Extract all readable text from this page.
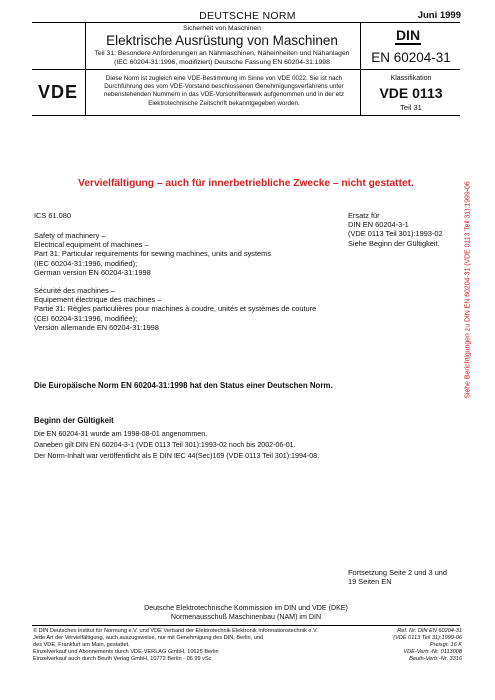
DEUTSCHE NORM	Juni 1999
Sicherheit von Maschinen
Elektrische Ausrüstung von Maschinen
Teil 31: Besondere Anforderungen an Nähmaschinen, Näheinheiten und Nähanlagen
(IEC 60204-31:1996, modifiziert) Deutsche Fassung EN 60204-31:1998
DIN
EN 60204-31
VDE
Diese Norm ist zugleich eine VDE-Bestimmung im Sinne von VDE 0022. Sie ist nach
Durchführung des vom VDE-Vorstand beschlossenen Genehmigungsverfahrens unter
nebenstehenden Nummern in das VDE-Vorschriftenwerk aufgenommen und in der etz
Elektrotechnische Zeitschrift bekanntgegeben worden.
Klassifikation
VDE 0113
Teil 31
Vervielfältigung – auch für innerbetriebliche Zwecke – nicht gestattet.
ICS 61.080	Ersatz für
DIN EN 60204-3-1
(VDE 0113 Teil 301):1993-02
Siehe Beginn der Gültigkeit.
Safety of machinery –
Electrical equipment of machines –
Part 31: Particular requirements for sewing machines, units and systems
(IEC 60204-31:1996, modified);
German version EN 60204-31:1998
Sécurité des machines –
Equipement électrique des machines –
Partie 31: Règles particulières pour machines à coudre, unités et systèmes de couture
(CEI 60204-31:1996, modifiée);
Version allemande EN 60204-31:1998
Die Europäische Norm EN 60204-31:1998 hat den Status einer Deutschen Norm.
Beginn der Gültigkeit
Die EN 60204-31 wurde am 1998-08-01 angenommen.
Daneben gilt DIN EN 60204-3-1 (VDE 0113 Teil 301):1993-02 noch bis 2002-06-01.
Der Norm-Inhalt war veröffentlicht als E DIN IEC 44(Sec)169 (VDE 0113 Teil 301):1994-08.
Fortsetzung Seite 2 und 3 und
19 Seiten EN
Deutsche Elektrotechnische Kommission im DIN und VDE (DKE)
Normenausschuß Maschinenbau (NAM) im DIN
© DIN Deutsches Institut für Normung e.V. und VDE Verband der Elektrotechnik Elektronik Informationstechnik e.V.
Jede Art der Vervielfältigung, auch auszugsweise, nur mit Genehmigung des DIN, Berlin, und
des VDE, Frankfurt am Main, gestattet.
Einzelverkauf und Abonnements durch VDE-VERLAG GmbH, 10625 Berlin
Einzelverkauf auch durch Beuth Verlag GmbH, 10772 Berlin · 06 99 vSc
Ref. Nr. DIN EN 60204-31
(VDE 0113 Teil 31):1999-06
Preisgr. 16 K
VDE-Vertr.-Nr. 0113008
Beuth-Vertr.-Nr. 3316
Siehe Berichtigungen zu DIN EN 60204-31 (VDE 0113 Teil 31):1999-06
